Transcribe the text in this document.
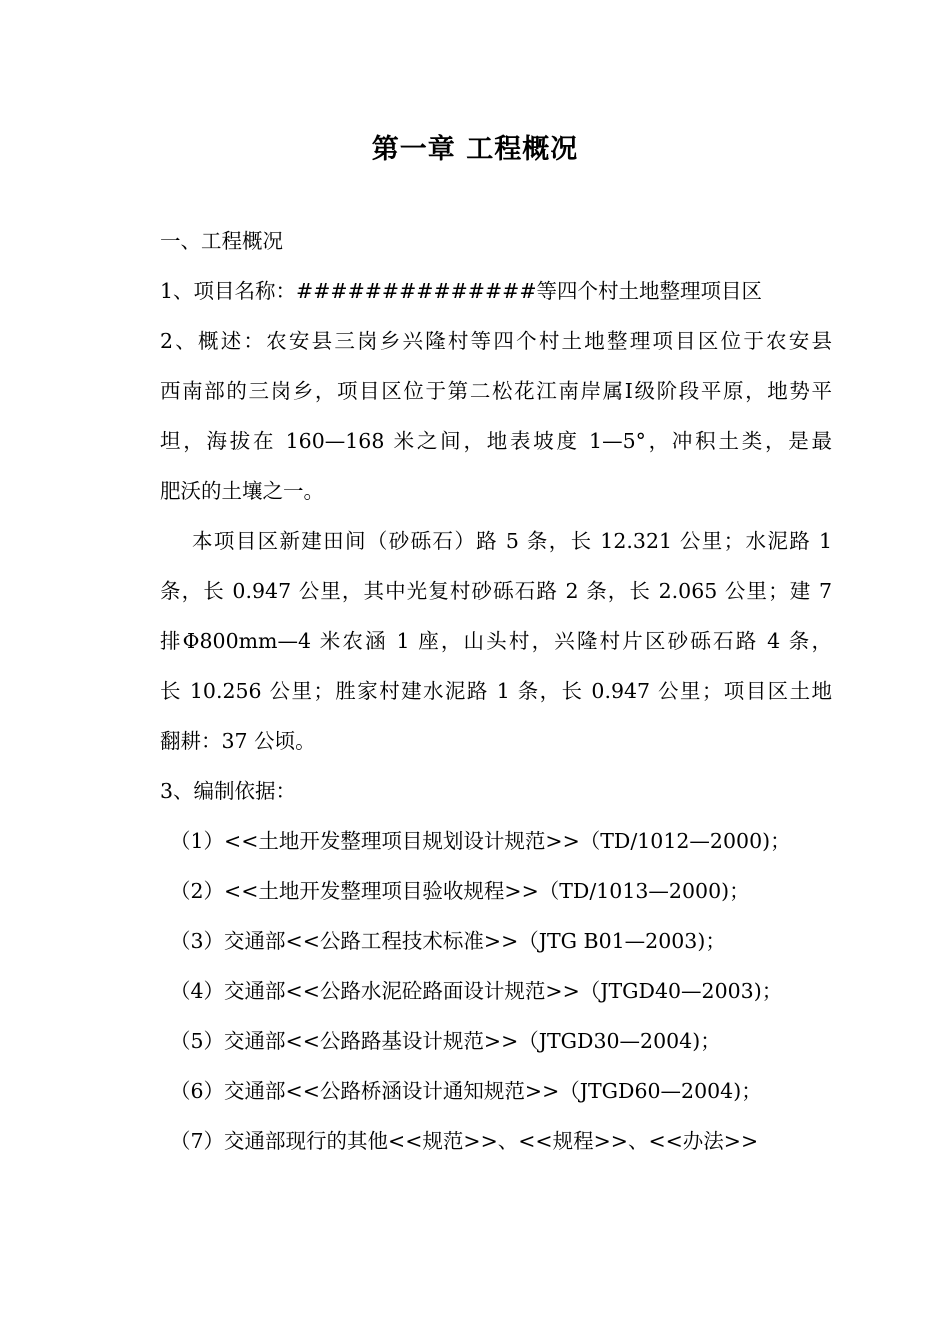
第一章 工程概况
一、工程概况
1、项目名称：##############等四个村土地整理项目区
2、概述：农安县三岗乡兴隆村等四个村土地整理项目区位于农安县
西南部的三岗乡，项目区位于第二松花江南岸属Ⅰ级阶段平原，地势平
坦，海拔在 160—168 米之间，地表坡度 1—5°，冲积土类，是最
肥沃的土壤之一。
本项目区新建田间（砂砾石）路 5 条，长 12.321 公里；水泥路 1
条，长 0.947 公里，其中光复村砂砾石路 2 条，长 2.065 公里；建 7
排Φ800mm—4 米农涵 1 座，山头村，兴隆村片区砂砾石路 4 条，
长 10.256 公里；胜家村建水泥路 1 条，长 0.947 公里；项目区土地
翻耕：37 公顷。
3、编制依据：
（1）<<土地开发整理项目规划设计规范>>（TD/1012—2000)；
（2）<<土地开发整理项目验收规程>>（TD/1013—2000)；
（3）交通部<<公路工程技术标准>>（JTG B01—2003)；
（4）交通部<<公路水泥砼路面设计规范>>（JTGD40—2003)；
（5）交通部<<公路路基设计规范>>（JTGD30—2004)；
（6）交通部<<公路桥涵设计通知规范>>（JTGD60—2004)；
（7）交通部现行的其他<<规范>>、<<规程>>、<<办法>>
